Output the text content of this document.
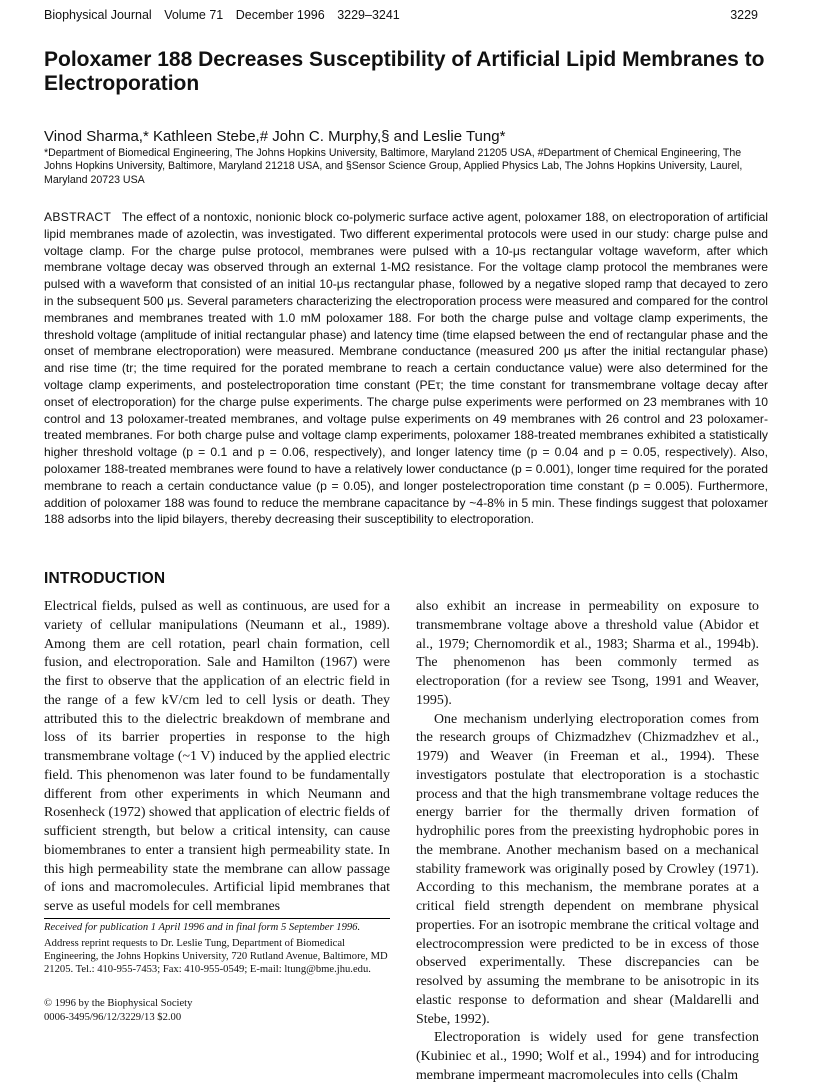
Biophysical Journal Volume 71 December 1996 3229–3241	3229
Poloxamer 188 Decreases Susceptibility of Artificial Lipid Membranes to Electroporation

Vinod Sharma,* Kathleen Stebe,# John C. Murphy,§ and Leslie Tung*

*Department of Biomedical Engineering, The Johns Hopkins University, Baltimore, Maryland 21205 USA, #Department of Chemical Engineering, The Johns Hopkins University, Baltimore, Maryland 21218 USA, and §Sensor Science Group, Applied Physics Lab, The Johns Hopkins University, Laurel, Maryland 20723 USA

ABSTRACT The effect of a nontoxic, nonionic block co-polymeric surface active agent, poloxamer 188, on electroporation of artificial lipid membranes made of azolectin, was investigated. Two different experimental protocols were used in our study: charge pulse and voltage clamp. For the charge pulse protocol, membranes were pulsed with a 10-μs rectangular voltage waveform, after which membrane voltage decay was observed through an external 1-MΩ resistance. For the voltage clamp protocol the membranes were pulsed with a waveform that consisted of an initial 10-μs rectangular phase, followed by a negative sloped ramp that decayed to zero in the subsequent 500 μs. Several parameters characterizing the electroporation process were measured and compared for the control membranes and membranes treated with 1.0 mM poloxamer 188. For both the charge pulse and voltage clamp experiments, the threshold voltage (amplitude of initial rectangular phase) and latency time (time elapsed between the end of rectangular phase and the onset of membrane electroporation) were measured. Membrane conductance (measured 200 μs after the initial rectangular phase) and rise time (tr; the time required for the porated membrane to reach a certain conductance value) were also determined for the voltage clamp experiments, and postelectroporation time constant (PEτ; the time constant for transmembrane voltage decay after onset of electroporation) for the charge pulse experiments. The charge pulse experiments were performed on 23 membranes with 10 control and 13 poloxamer-treated membranes, and voltage pulse experiments on 49 membranes with 26 control and 23 poloxamer-treated membranes. For both charge pulse and voltage clamp experiments, poloxamer 188-treated membranes exhibited a statistically higher threshold voltage (p = 0.1 and p = 0.06, respectively), and longer latency time (p = 0.04 and p = 0.05, respectively). Also, poloxamer 188-treated membranes were found to have a relatively lower conductance (p = 0.001), longer time required for the porated membrane to reach a certain conductance value (p = 0.05), and longer postelectroporation time constant (p = 0.005). Furthermore, addition of poloxamer 188 was found to reduce the membrane capacitance by ~4-8% in 5 min. These findings suggest that poloxamer 188 adsorbs into the lipid bilayers, thereby decreasing their susceptibility to electroporation.

INTRODUCTION

Electrical fields, pulsed as well as continuous, are used for a variety of cellular manipulations (Neumann et al., 1989). Among them are cell rotation, pearl chain formation, cell fusion, and electroporation. Sale and Hamilton (1967) were the first to observe that the application of an electric field in the range of a few kV/cm led to cell lysis or death. They attributed this to the dielectric breakdown of membrane and loss of its barrier properties in response to the high transmembrane voltage (~1 V) induced by the applied electric field. This phenomenon was later found to be fundamentally different from other experiments in which Neumann and Rosenheck (1972) showed that application of electric fields of sufficient strength, but below a critical intensity, can cause biomembranes to enter a transient high permeability state. In this high permeability state the membrane can allow passage of ions and macromolecules. Artificial lipid membranes that serve as useful models for cell membranes

also exhibit an increase in permeability on exposure to transmembrane voltage above a threshold value (Abidor et al., 1979; Chernomordik et al., 1983; Sharma et al., 1994b). The phenomenon has been commonly termed as electroporation (for a review see Tsong, 1991 and Weaver, 1995).

One mechanism underlying electroporation comes from the research groups of Chizmadzhev (Chizmadzhev et al., 1979) and Weaver (in Freeman et al., 1994). These investigators postulate that electroporation is a stochastic process and that the high transmembrane voltage reduces the energy barrier for the thermally driven formation of hydrophilic pores from the preexisting hydrophobic pores in the membrane. Another mechanism based on a mechanical stability framework was originally posed by Crowley (1971). According to this mechanism, the membrane porates at a critical field strength dependent on membrane physical properties. For an isotropic membrane the critical voltage and electrocompression were predicted to be in excess of those observed experimentally. These discrepancies can be resolved by assuming the membrane to be anisotropic in its elastic response to deformation and shear (Maldarelli and Stebe, 1992).

Electroporation is widely used for gene transfection (Kubiniec et al., 1990; Wolf et al., 1994) and for introducing membrane impermeant macromolecules into cells (Chalm

Received for publication 1 April 1996 and in final form 5 September 1996.

Address reprint requests to Dr. Leslie Tung, Department of Biomedical Engineering, the Johns Hopkins University, 720 Rutland Avenue, Baltimore, MD 21205. Tel.: 410-955-7453; Fax: 410-955-0549; E-mail: ltung@bme.jhu.edu.

© 1996 by the Biophysical Society

0006-3495/96/12/3229/13 $2.00
